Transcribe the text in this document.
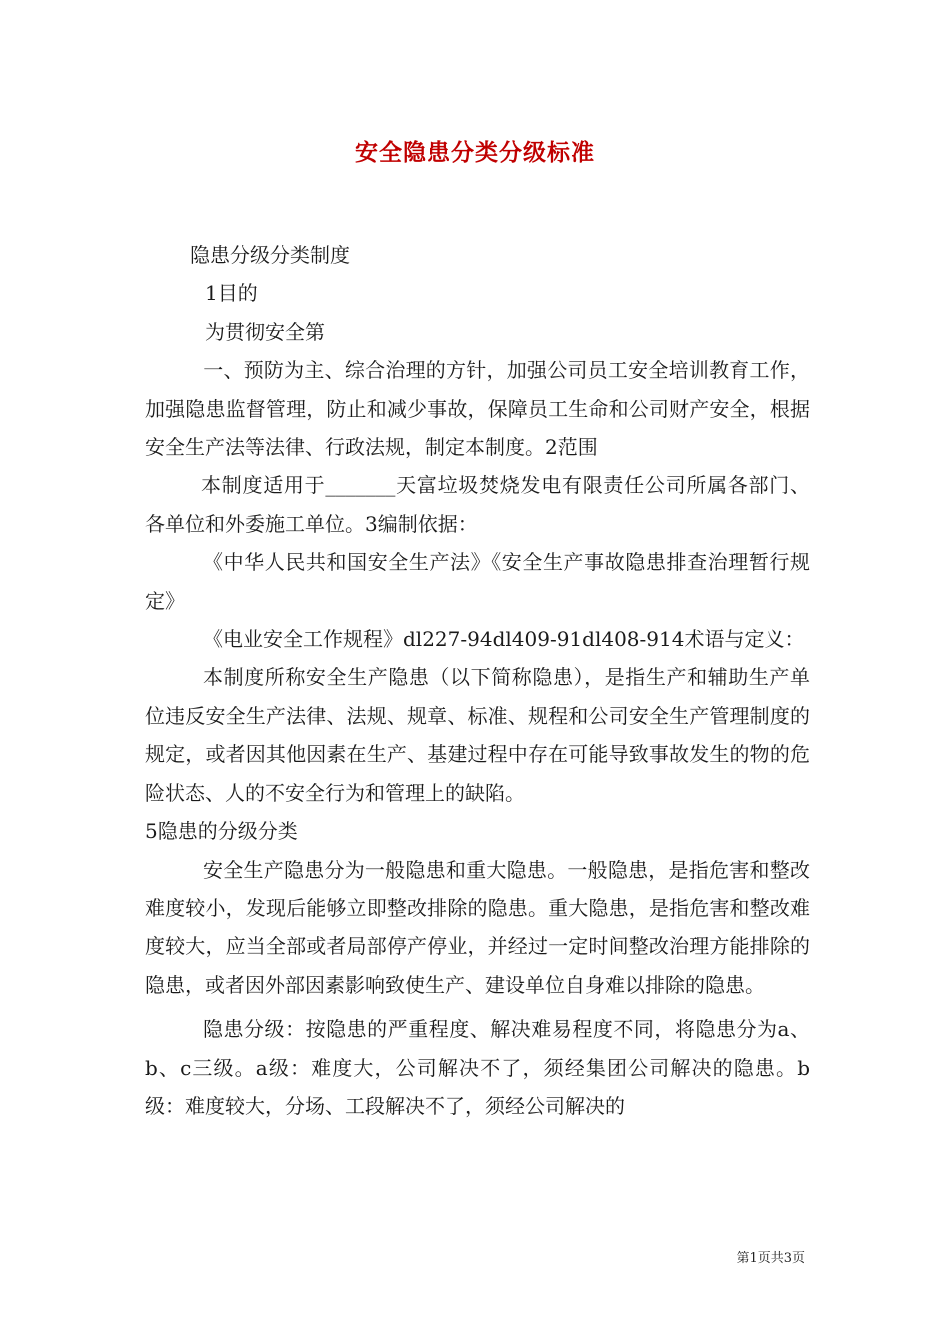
安全隐患分类分级标准

隐患分级分类制度

1目的

为贯彻安全第

一、预防为主、综合治理的方针，加强公司员工安全培训教育工作，加强隐患监督管理，防止和减少事故，保障员工生命和公司财产安全，根据安全生产法等法律、行政法规，制定本制度。2范围

本制度适用于_______天富垃圾焚烧发电有限责任公司所属各部门、各单位和外委施工单位。3编制依据：

《中华人民共和国安全生产法》《安全生产事故隐患排查治理暂行规定》

《电业安全工作规程》dl227-94dl409-91dl408-914术语与定义：

本制度所称安全生产隐患（以下简称隐患），是指生产和辅助生产单位违反安全生产法律、法规、规章、标准、规程和公司安全生产管理制度的规定，或者因其他因素在生产、基建过程中存在可能导致事故发生的物的危险状态、人的不安全行为和管理上的缺陷。

5隐患的分级分类

安全生产隐患分为一般隐患和重大隐患。一般隐患，是指危害和整改难度较小，发现后能够立即整改排除的隐患。重大隐患，是指危害和整改难度较大，应当全部或者局部停产停业，并经过一定时间整改治理方能排除的隐患，或者因外部因素影响致使生产、建设单位自身难以排除的隐患。

隐患分级：按隐患的严重程度、解决难易程度不同，将隐患分为a、b、c三级。a级：难度大，公司解决不了，须经集团公司解决的隐患。b级：难度较大，分场、工段解决不了，须经公司解决的

第1页共3页
